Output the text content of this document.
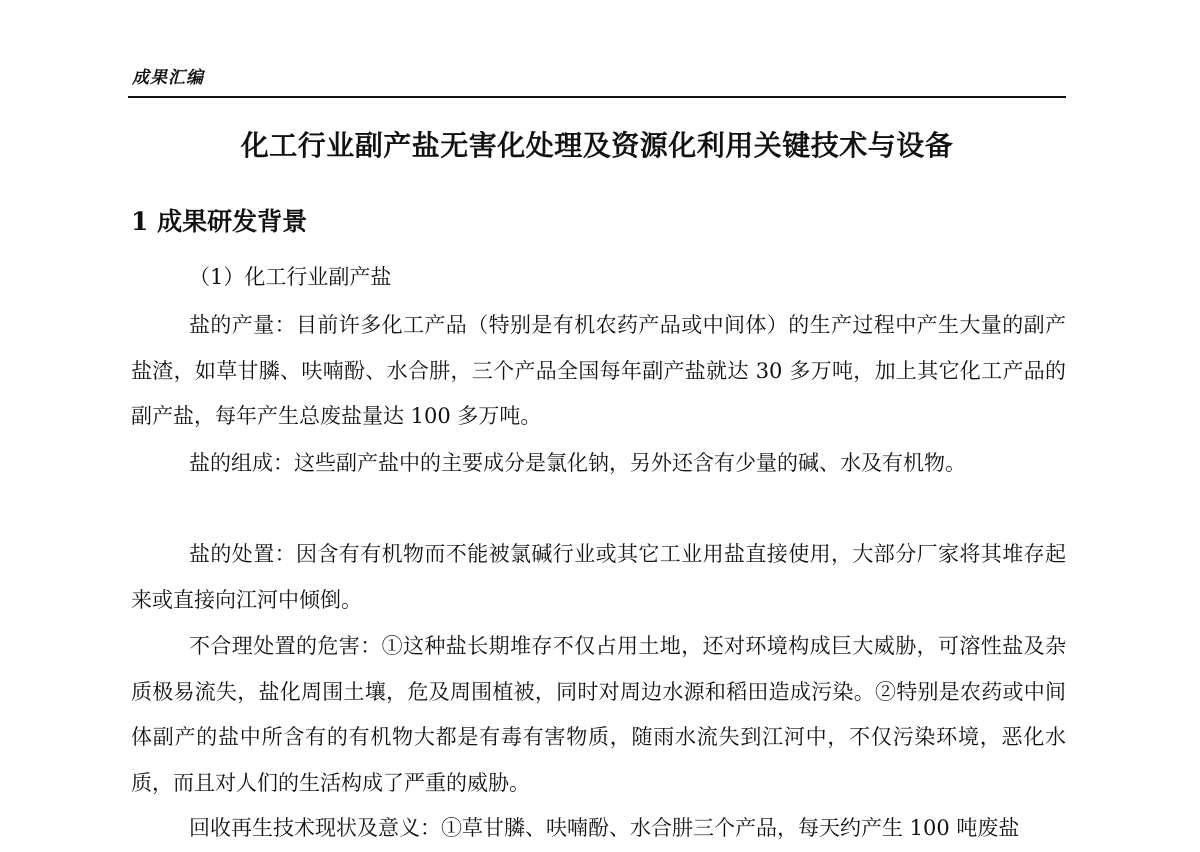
成果汇编
化工行业副产盐无害化处理及资源化利用关键技术与设备
1 成果研发背景
（1）化工行业副产盐

盐的产量：目前许多化工产品（特别是有机农药产品或中间体）的生产过程中产生大量的副产盐渣，如草甘膦、呋喃酚、水合肼，三个产品全国每年副产盐就达 30 多万吨，加上其它化工产品的副产盐，每年产生总废盐量达 100 多万吨。

盐的组成：这些副产盐中的主要成分是氯化钠，另外还含有少量的碱、水及有机物。

盐的处置：因含有有机物而不能被氯碱行业或其它工业用盐直接使用，大部分厂家将其堆存起来或直接向江河中倾倒。

不合理处置的危害：①这种盐长期堆存不仅占用土地，还对环境构成巨大威胁，可溶性盐及杂质极易流失，盐化周围土壤，危及周围植被，同时对周边水源和稻田造成污染。②特别是农药或中间体副产的盐中所含有的有机物大都是有毒有害物质，随雨水流失到江河中，不仅污染环境，恶化水质，而且对人们的生活构成了严重的威胁。

回收再生技术现状及意义：①草甘膦、呋喃酚、水合肼三个产品，每天约产生 100 吨废盐
